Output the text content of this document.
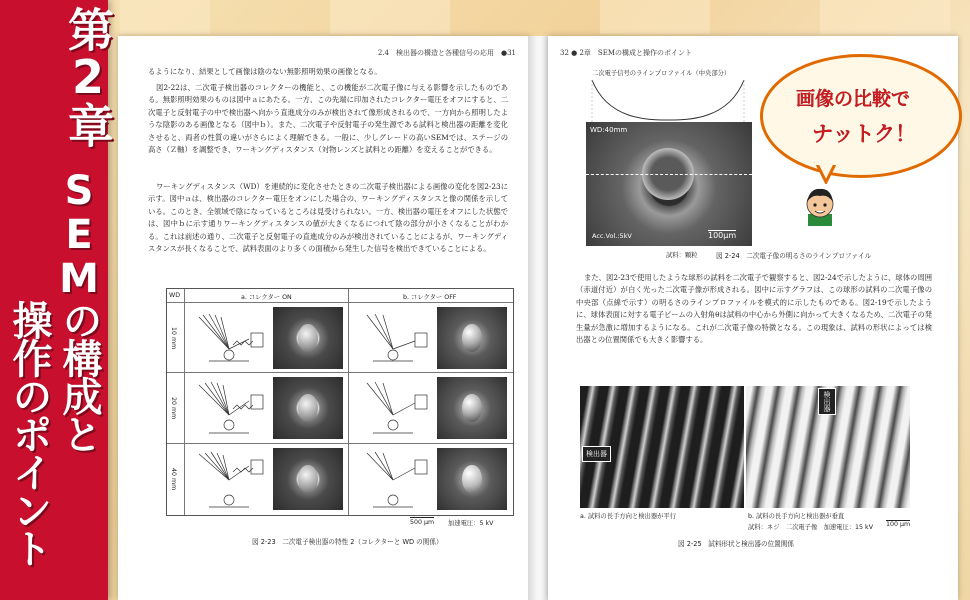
第2章
SEMの構成と
操作のポイント
2.4　検出器の構造と各種信号の応用　●31

るようになり、結果として画像は陰のない無影照明効果の画像となる。

図2-22は、二次電子検出器のコレクターの機能と、この機能が二次電子像に与える影響を示したものである。無影照明効果のものは図中ａにあたる。一方、この先端に印加されたコレクター電圧をオフにすると、二次電子と反射電子の中で検出器へ向かう直進成分のみが検出されて像形成されるので、一方向から照明したような陰影のある画像となる（図中ｂ）。また、二次電子や反射電子の発生源である試料と検出器の距離を変化させると、両者の性質の違いがさらによく理解できる。一般に、少しグレードの高いSEMでは、ステージの高さ（Ｚ軸）を調整でき、ワーキングディスタンス（対物レンズと試料との距離）を変えることができる。

ワーキングディスタンス（WD）を連続的に変化させたときの二次電子検出器による画像の変化を図2-23に示す。図中ａは、検出器のコレクター電圧をオンにした場合の、ワーキングディスタンスと像の関係を示している。このとき、全領域で陰になっているところは見受けられない。一方、検出器の電圧をオフにした状態では、図中ｂに示す通りワーキングディスタンスの値が大きくなるにつれて陰の部分が小さくなることがわかる。これは前述の通り、二次電子と反射電子の直進成分のみが検出されていることによるが、ワーキングディスタンスが長くなることで、試料表面のより多くの面積から発生した信号を検出できていることによる。

WD	a. コレクター ON	b. コレクター OFF
10 mm
20 mm
40 mm
500 μm 加速電圧：5 kV
図 2-23　二次電子検出器の特性 2（コレクターと WD の関係）
32 ● 2章　SEMの構成と操作のポイント
二次電子信号のラインプロファイル（中央部分）
WD:40mm
Acc.Vol.:5kV	100μm
試料：顆粒	図 2-24　二次電子像の明るさのラインプロファイル

また、図2-23で使用したような球形の試料を二次電子で観察すると、図2-24で示したように、球体の周囲（赤道付近）が白く光った二次電子像が形成される。図中に示すグラフは、この球形の試料の二次電子像の中央部（点線で示す）の明るさのラインプロファイルを模式的に示したものである。図2-19で示したように、球体表面に対する電子ビームの入射角θは試料の中心から外側に向かって大きくなるため、二次電子の発生量が急激に増加するようになる。これが二次電子像の特徴となる。この現象は、試料の形状によっては検出器との位置関係でも大きく影響する。

検出器
検出器
a. 試料の長手方向と検出器が平行	b. 試料の長手方向と検出器が垂直
試料：ネジ　二次電子像　加速電圧：15 kV 100 μm
図 2-25　試料形状と検出器の位置関係
画像の比較で
ナットク！
